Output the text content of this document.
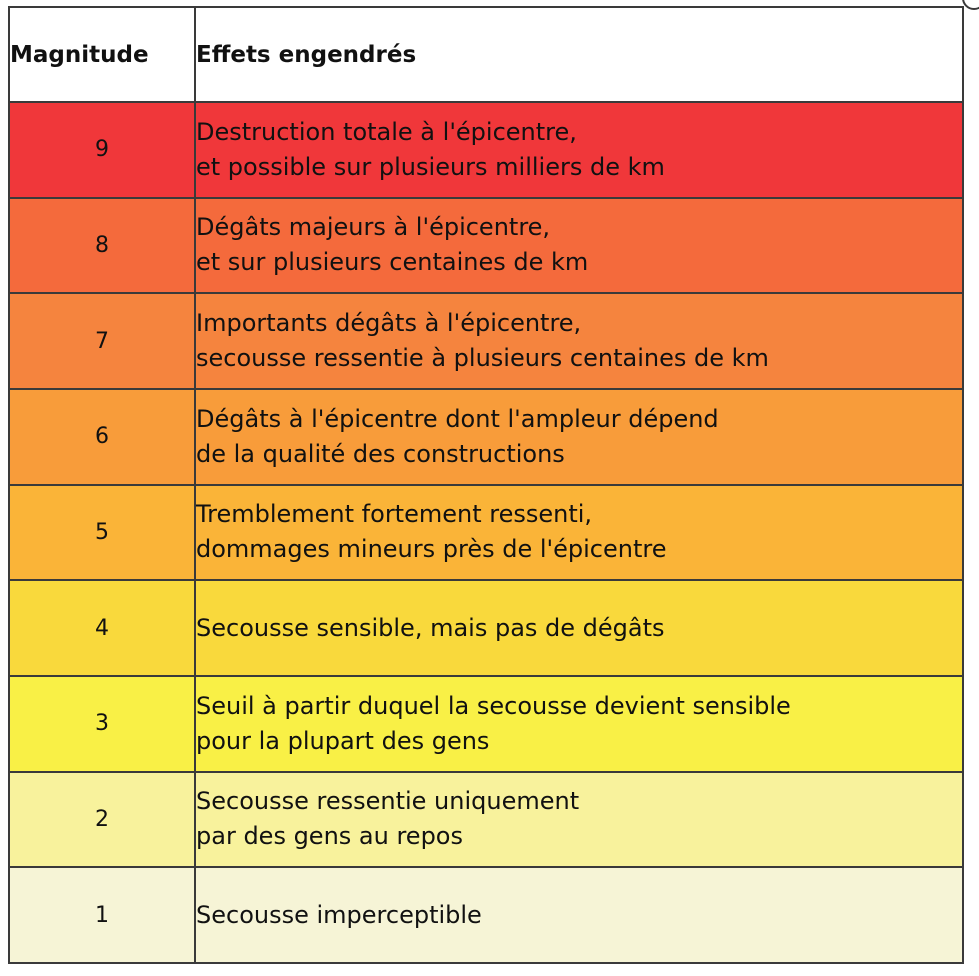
Magnitude	Effets engendrés
9	Destruction totale à l'épicentre,
et possible sur plusieurs milliers de km

8	Dégâts majeurs à l'épicentre,
et sur plusieurs centaines de km

7	Importants dégâts à l'épicentre,
secousse ressentie à plusieurs centaines de km

6	Dégâts à l'épicentre dont l'ampleur dépend
de la qualité des constructions

5	Tremblement fortement ressenti,
dommages mineurs près de l'épicentre

4	Secousse sensible, mais pas de dégâts

3	Seuil à partir duquel la secousse devient sensible
pour la plupart des gens

2	Secousse ressentie uniquement
par des gens au repos

1	Secousse imperceptible
